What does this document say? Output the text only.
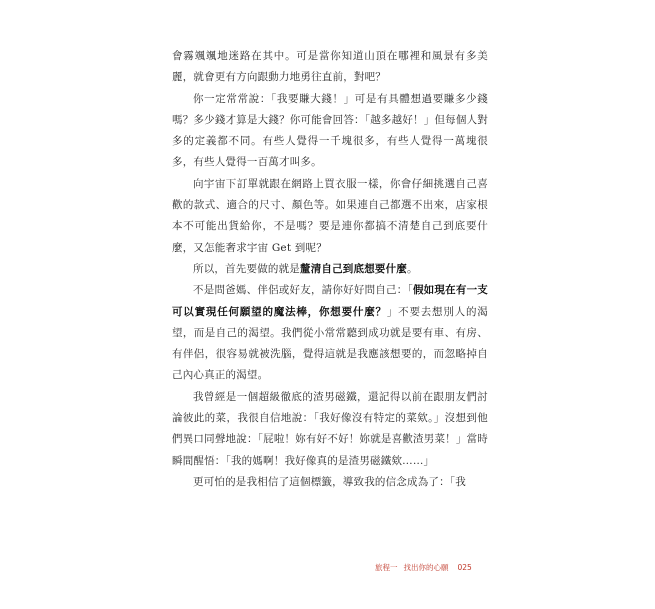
會霧颯颯地迷路在其中。可是當你知道山頂在哪裡和風景有多美麗，就會更有方向跟動力地勇往直前，對吧？

你一定常常說：「我要賺大錢！」可是有具體想過要賺多少錢嗎？多少錢才算是大錢？你可能會回答：「越多越好！」但每個人對多的定義都不同。有些人覺得一千塊很多，有些人覺得一萬塊很多，有些人覺得一百萬才叫多。

向宇宙下訂單就跟在網路上買衣服一樣，你會仔細挑選自己喜歡的款式、適合的尺寸、顏色等。如果連自己都選不出來，店家根本不可能出貨給你，不是嗎？要是連你都搞不清楚自己到底要什麼，又怎能奢求宇宙 Get 到呢？

所以，首先要做的就是釐清自己到底想要什麼。

不是問爸媽、伴侶或好友，請你好好問自己：「假如現在有一支可以實現任何願望的魔法棒，你想要什麼？」不要去想別人的渴望，而是自己的渴望。我們從小常常聽到成功就是要有車、有房、有伴侶，很容易就被洗腦，覺得這就是我應該想要的，而忽略掉自己內心真正的渴望。

我曾經是一個超級徹底的渣男磁鐵，還記得以前在跟朋友們討論彼此的菜，我很自信地說：「我好像沒有特定的菜欸。」沒想到他們異口同聲地說：「屁啦！妳有好不好！妳就是喜歡渣男菜！」當時瞬間醒悟：「我的媽啊！我好像真的是渣男磁鐵欸……」

更可怕的是我相信了這個標籤，導致我的信念成為了：「我

旅程一 找出你的心願 025
